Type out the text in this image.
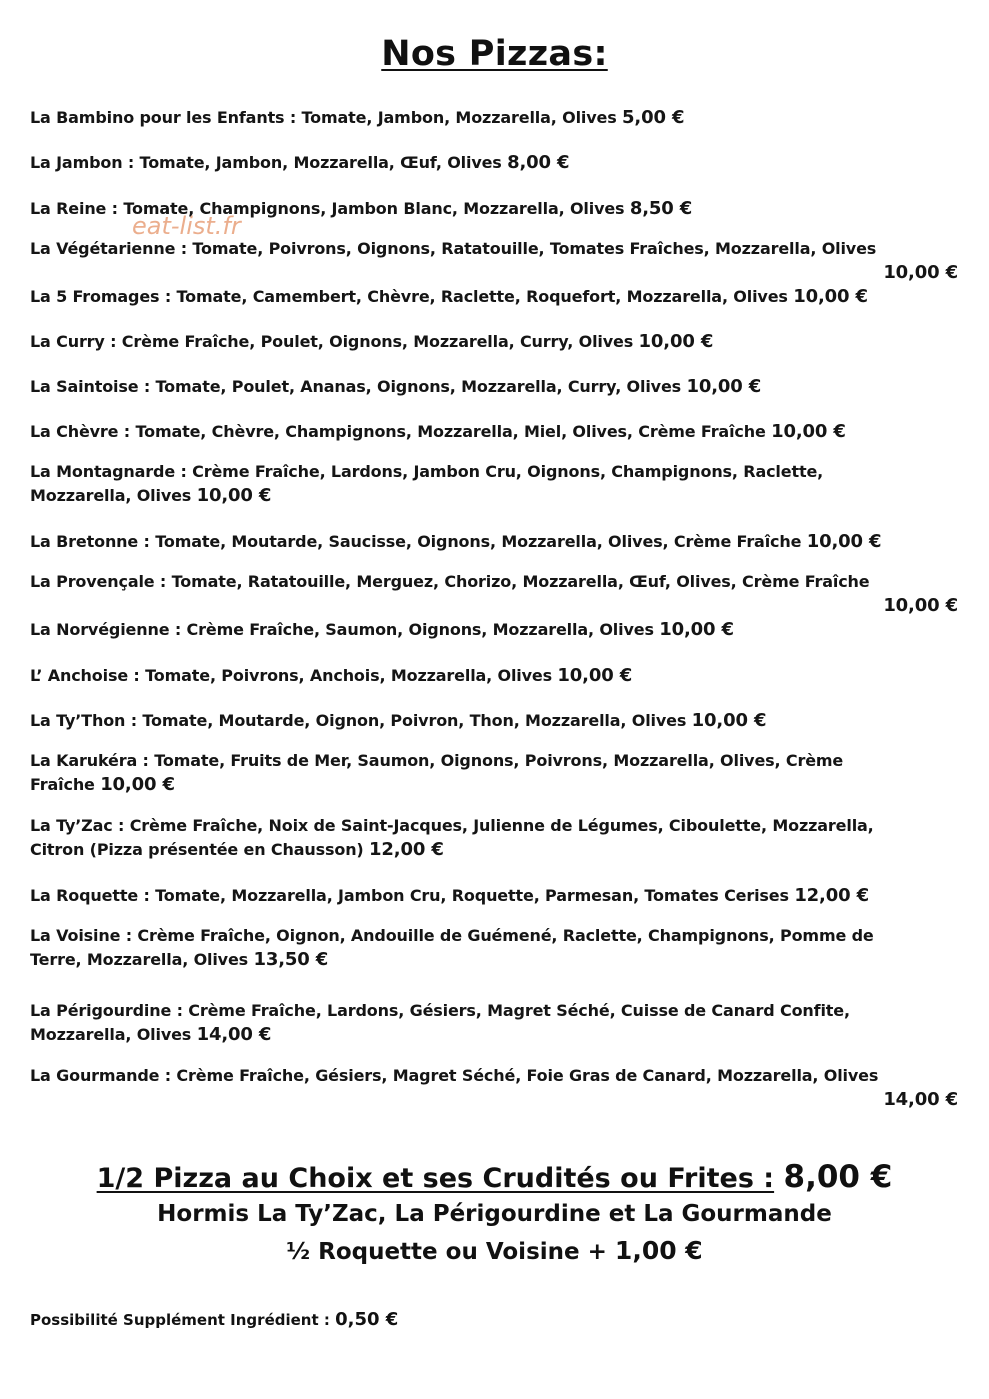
Nos Pizzas:
eat-list.fr
La Bambino pour les Enfants : Tomate, Jambon, Mozzarella, Olives 5,00 €
La Jambon : Tomate, Jambon, Mozzarella, Œuf, Olives 8,00 €
La Reine : Tomate, Champignons, Jambon Blanc, Mozzarella, Olives 8,50 €
La Végétarienne : Tomate, Poivrons, Oignons, Ratatouille, Tomates Fraîches, Mozzarella, Olives
10,00 €
La 5 Fromages : Tomate, Camembert, Chèvre, Raclette, Roquefort, Mozzarella, Olives 10,00 €
La Curry : Crème Fraîche, Poulet, Oignons, Mozzarella, Curry, Olives 10,00 €
La Saintoise : Tomate, Poulet, Ananas, Oignons, Mozzarella, Curry, Olives 10,00 €
La Chèvre : Tomate, Chèvre, Champignons, Mozzarella, Miel, Olives, Crème Fraîche 10,00 €
La Montagnarde : Crème Fraîche, Lardons, Jambon Cru, Oignons, Champignons, Raclette,
Mozzarella, Olives 10,00 €
La Bretonne : Tomate, Moutarde, Saucisse, Oignons, Mozzarella, Olives, Crème Fraîche 10,00 €
La Provençale : Tomate, Ratatouille, Merguez, Chorizo, Mozzarella, Œuf, Olives, Crème Fraîche
10,00 €
La Norvégienne : Crème Fraîche, Saumon, Oignons, Mozzarella, Olives 10,00 €
L’ Anchoise : Tomate, Poivrons, Anchois, Mozzarella, Olives 10,00 €
La Ty’Thon : Tomate, Moutarde, Oignon, Poivron, Thon, Mozzarella, Olives 10,00 €
La Karukéra : Tomate, Fruits de Mer, Saumon, Oignons, Poivrons, Mozzarella, Olives, Crème
Fraîche 10,00 €
La Ty’Zac : Crème Fraîche, Noix de Saint-Jacques, Julienne de Légumes, Ciboulette, Mozzarella,
Citron (Pizza présentée en Chausson) 12,00 €
La Roquette : Tomate, Mozzarella, Jambon Cru, Roquette, Parmesan, Tomates Cerises 12,00 €
La Voisine : Crème Fraîche, Oignon, Andouille de Guémené, Raclette, Champignons, Pomme de
Terre, Mozzarella, Olives 13,50 €
La Périgourdine : Crème Fraîche, Lardons, Gésiers, Magret Séché, Cuisse de Canard Confite,
Mozzarella, Olives 14,00 €
La Gourmande : Crème Fraîche, Gésiers, Magret Séché, Foie Gras de Canard, Mozzarella, Olives
14,00 €
1/2 Pizza au Choix et ses Crudités ou Frites : 8,00 €
Hormis La Ty’Zac, La Périgourdine et La Gourmande
½ Roquette ou Voisine + 1,00 €
Possibilité Supplément Ingrédient : 0,50 €
